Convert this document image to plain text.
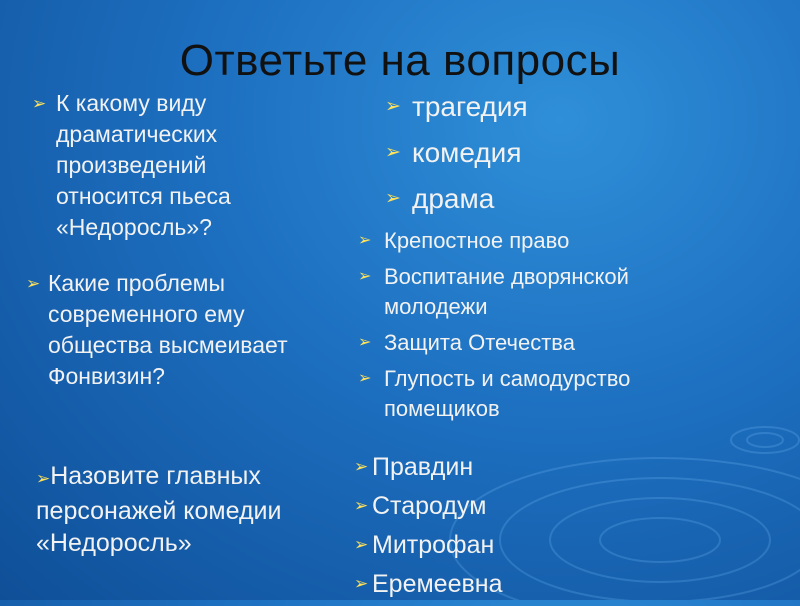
Ответьте на вопросы
➢ К какому виду
драматических
произведений
относится пьеса
«Недоросль»?
➢ трагедия
➢ комедия
➢ драма
➢ Какие проблемы
современного ему
общества высмеивает
Фонвизин?
➢ Крепостное право
➢ Воспитание дворянской
молодежи
➢ Защита Отечества
➢ Глупость и самодурство
помещиков
➢Назовите главных
персонажей комедии
«Недоросль»
➢ Правдин
➢ Стародум
➢ Митрофан
➢ Еремеевна
